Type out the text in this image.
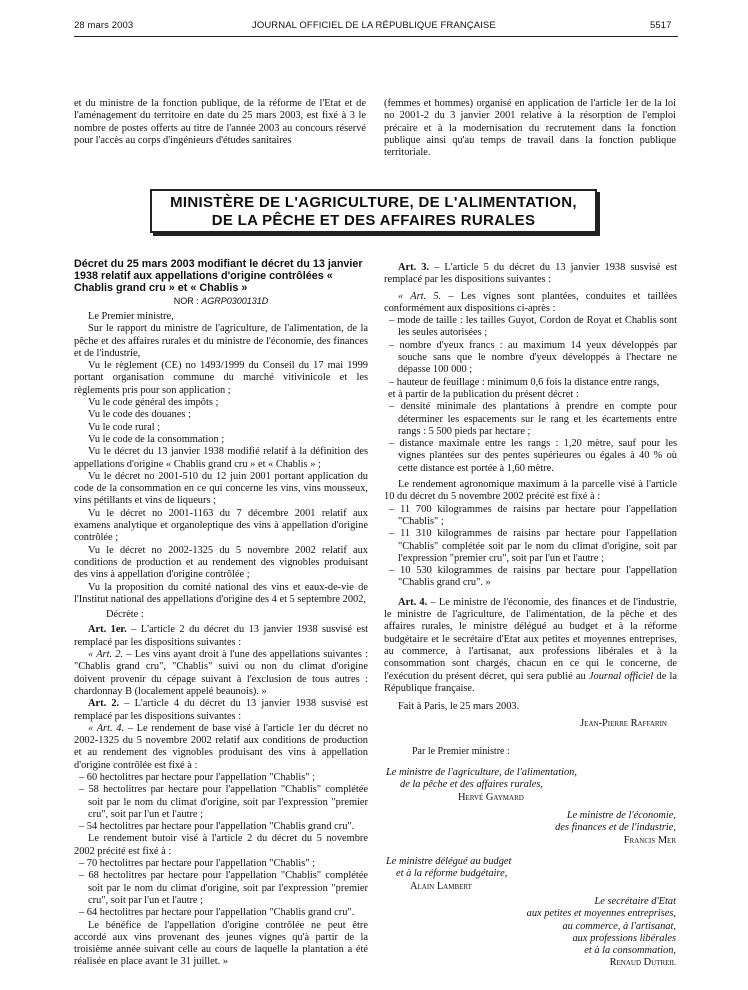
28 mars 2003	JOURNAL OFFICIEL DE LA RÉPUBLIQUE FRANÇAISE	5517

et du ministre de la fonction publique, de la réforme de l'Etat et de l'aménagement du territoire en date du 25 mars 2003, est fixé à 3 le nombre de postes offerts au titre de l'année 2003 au concours réservé pour l'accès au corps d'ingénieurs d'études sanitaires

(femmes et hommes) organisé en application de l'article 1er de la loi no 2001-2 du 3 janvier 2001 relative à la résorption de l'emploi précaire et à la modernisation du recrutement dans la fonction publique ainsi qu'au temps de travail dans la fonction publique territoriale.

MINISTÈRE DE L'AGRICULTURE, DE L'ALIMENTATION,
DE LA PÊCHE ET DES AFFAIRES RURALES

Décret du 25 mars 2003 modifiant le décret du 13 janvier 1938 relatif aux appellations d'origine contrôlées « Chablis grand cru » et « Chablis »

NOR : AGRP0300131D

Le Premier ministre,

Sur le rapport du ministre de l'agriculture, de l'alimentation, de la pêche et des affaires rurales et du ministre de l'économie, des finances et de l'industrie,

Vu le règlement (CE) no 1493/1999 du Conseil du 17 mai 1999 portant organisation commune du marché vitivinicole et les règlements pris pour son application ;

Vu le code général des impôts ;

Vu le code des douanes ;

Vu le code rural ;

Vu le code de la consommation ;

Vu le décret du 13 janvier 1938 modifié relatif à la définition des appellations d'origine « Chablis grand cru » et « Chablis » ;

Vu le décret no 2001-510 du 12 juin 2001 portant application du code de la consommation en ce qui concerne les vins, vins mousseux, vins pétillants et vins de liqueurs ;

Vu le décret no 2001-1163 du 7 décembre 2001 relatif aux examens analytique et organoleptique des vins à appellation d'origine contrôlée ;

Vu le décret no 2002-1325 du 5 novembre 2002 relatif aux conditions de production et au rendement des vignobles produisant des vins à appellation d'origine contrôlée ;

Vu la proposition du comité national des vins et eaux-de-vie de l'Institut national des appellations d'origine des 4 et 5 septembre 2002,

Décrète :

Art. 1er. – L'article 2 du décret du 13 janvier 1938 susvisé est remplacé par les dispositions suivantes :

« Art. 2. – Les vins ayant droit à l'une des appellations suivantes : "Chablis grand cru", "Chablis" suivi ou non du climat d'origine doivent provenir du cépage suivant à l'exclusion de tous autres : chardonnay B (localement appelé beaunois). »

Art. 2. – L'article 4 du décret du 13 janvier 1938 susvisé est remplacé par les dispositions suivantes :

« Art. 4. – Le rendement de base visé à l'article 1er du décret no 2002-1325 du 5 novembre 2002 relatif aux conditions de production et au rendement des vignobles produisant des vins à appellation d'origine contrôlée est fixé à :

– 60 hectolitres par hectare pour l'appellation "Chablis" ;
– 58 hectolitres par hectare pour l'appellation "Chablis" complétée soit par le nom du climat d'origine, soit par l'expression "premier cru", soit par l'un et l'autre ;
– 54 hectolitres par hectare pour l'appellation "Chablis grand cru".

Le rendement butoir visé à l'article 2 du décret du 5 novembre 2002 précité est fixé à :

– 70 hectolitres par hectare pour l'appellation "Chablis" ;
– 68 hectolitres par hectare pour l'appellation "Chablis" complétée soit par le nom du climat d'origine, soit par l'expression "premier cru", soit par l'un et l'autre ;
– 64 hectolitres par hectare pour l'appellation "Chablis grand cru".

Le bénéfice de l'appellation d'origine contrôlée ne peut être accordé aux vins provenant des jeunes vignes qu'à partir de la troisième année suivant celle au cours de laquelle la plantation a été réalisée en place avant le 31 juillet. »

Art. 3. – L'article 5 du décret du 13 janvier 1938 susvisé est remplacé par les dispositions suivantes :

« Art. 5. – Les vignes sont plantées, conduites et taillées conformément aux dispositions ci-après :

– mode de taille : les tailles Guyot, Cordon de Royat et Chablis sont les seules autorisées ;
– nombre d'yeux francs : au maximum 14 yeux développés par souche sans que le nombre d'yeux développés à l'hectare ne dépasse 100 000 ;
– hauteur de feuillage : minimum 0,6 fois la distance entre rangs,

et à partir de la publication du présent décret :

– densité minimale des plantations à prendre en compte pour déterminer les espacements sur le rang et les écartements entre rangs : 5 500 pieds par hectare ;
– distance maximale entre les rangs : 1,20 mètre, sauf pour les vignes plantées sur des pentes supérieures ou égales à 40 % où cette distance est portée à 1,60 mètre.

Le rendement agronomique maximum à la parcelle visé à l'article 10 du décret du 5 novembre 2002 précité est fixé à :

– 11 700 kilogrammes de raisins par hectare pour l'appellation "Chablis" ;
– 11 310 kilogrammes de raisins par hectare pour l'appellation "Chablis" complétée soit par le nom du climat d'origine, soit par l'expression "premier cru", soit par l'un et l'autre ;
– 10 530 kilogrammes de raisins par hectare pour l'appellation "Chablis grand cru". »

Art. 4. – Le ministre de l'économie, des finances et de l'industrie, le ministre de l'agriculture, de l'alimentation, de la pêche et des affaires rurales, le ministre délégué au budget et à la réforme budgétaire et le secrétaire d'Etat aux petites et moyennes entreprises, au commerce, à l'artisanat, aux professions libérales et à la consommation sont chargés, chacun en ce qui le concerne, de l'exécution du présent décret, qui sera publié au Journal officiel de la République française.

Fait à Paris, le 25 mars 2003.

Jean-Pierre Raffarin
Par le Premier ministre :
Le ministre de l'agriculture, de l'alimentation,
de la pêche et des affaires rurales,
Hervé Gaymard
Le ministre de l'économie,
des finances et de l'industrie,
Francis Mer
Le ministre délégué au budget
et à la réforme budgétaire,
Alain Lambert
Le secrétaire d'Etat
aux petites et moyennes entreprises,
au commerce, à l'artisanat,
aux professions libérales
et à la consommation,
Renaud Dutreil
